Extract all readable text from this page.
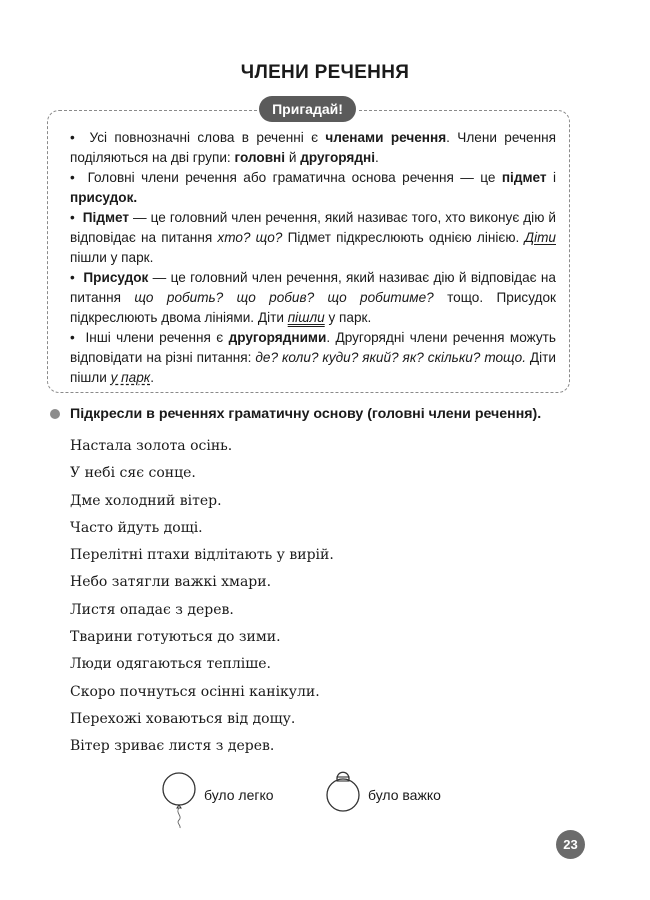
ЧЛЕНИ РЕЧЕННЯ
Пригадай!

•  Усі повнозначні слова в реченні є членами речення. Члени речення поділяються на дві групи: головні й другорядні.

•  Головні члени речення або граматична основа речення — це підмет і присудок.

•  Підмет — це головний член речення, який називає того, хто виконує дію й відповідає на питання хто? що? Підмет підкреслюють однією лінією. Діти пішли у парк.

•  Присудок — це головний член речення, який називає дію й відповідає на питання що робить? що робив? що робитиме? тощо. Присудок підкреслюють двома лініями. Діти пішли у парк.

•  Інші члени речення є другорядними. Другорядні члени речення можуть відповідати на різні питання: де? коли? куди? який? як? скільки? тощо. Діти пішли у парк.

Підкресли в реченнях граматичну основу (головні члени речення).
Настала золота осінь.
У небі сяє сонце.
Дме холодний вітер.
Часто йдуть дощі.
Перелітні птахи відлітають у вирій.
Небо затягли важкі хмари.
Листя опадає з дерев.
Тварини готуються до зими.
Люди одягаються тепліше.
Скоро почнуться осінні канікули.
Перехожі ховаються від дощу.
Вітер зриває листя з дерев.
було легко	було важко
23
